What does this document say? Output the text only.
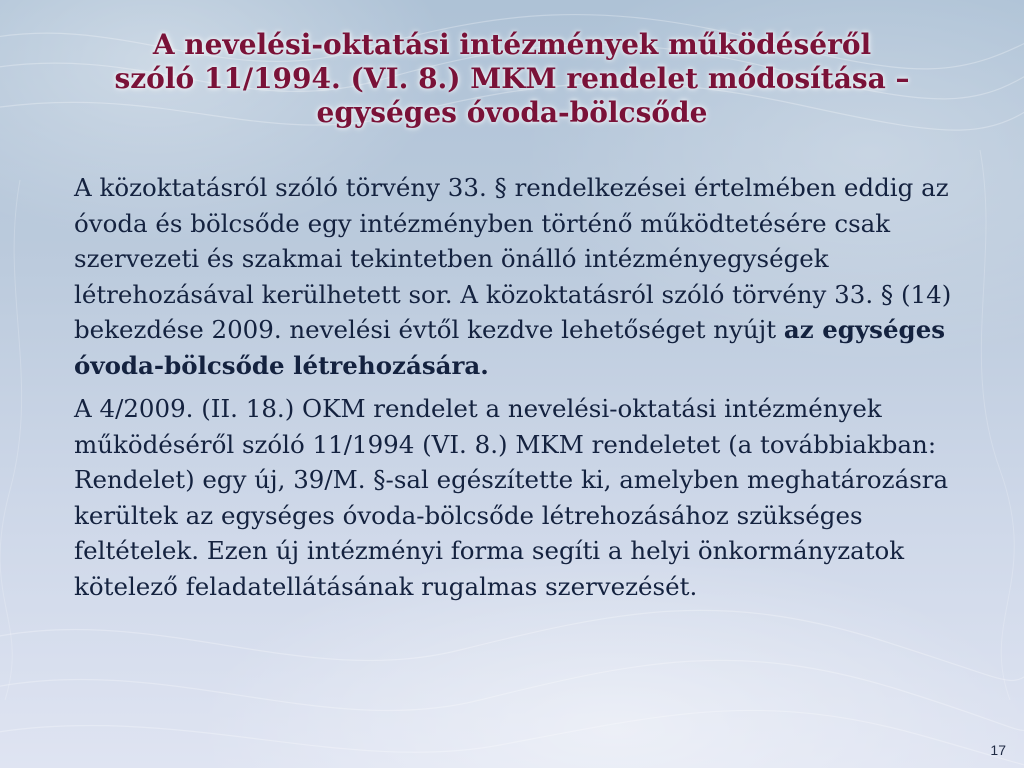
A nevelési-oktatási intézmények működéséről
szóló 11/1994. (VI. 8.) MKM rendelet módosítása –
egységes óvoda-bölcsőde

A közoktatásról szóló törvény 33. § rendelkezései értelmében eddig az óvoda és bölcsőde egy intézményben történő működtetésére csak szervezeti és szakmai tekintetben önálló intézményegységek létrehozásával kerülhetett sor. A közoktatásról szóló törvény 33. § (14) bekezdése 2009. nevelési évtől kezdve lehetőséget nyújt az egységes óvoda-bölcsőde létrehozására.

A 4/2009. (II. 18.) OKM rendelet a nevelési-oktatási intézmények működéséről szóló 11/1994 (VI. 8.) MKM rendeletet (a továbbiakban: Rendelet) egy új, 39/M. §-sal egészítette ki, amelyben meghatározásra kerültek az egységes óvoda-bölcsőde létrehozásához szükséges feltételek. Ezen új intézményi forma segíti a helyi önkormányzatok kötelező feladatellátásának rugalmas szervezését.

17
